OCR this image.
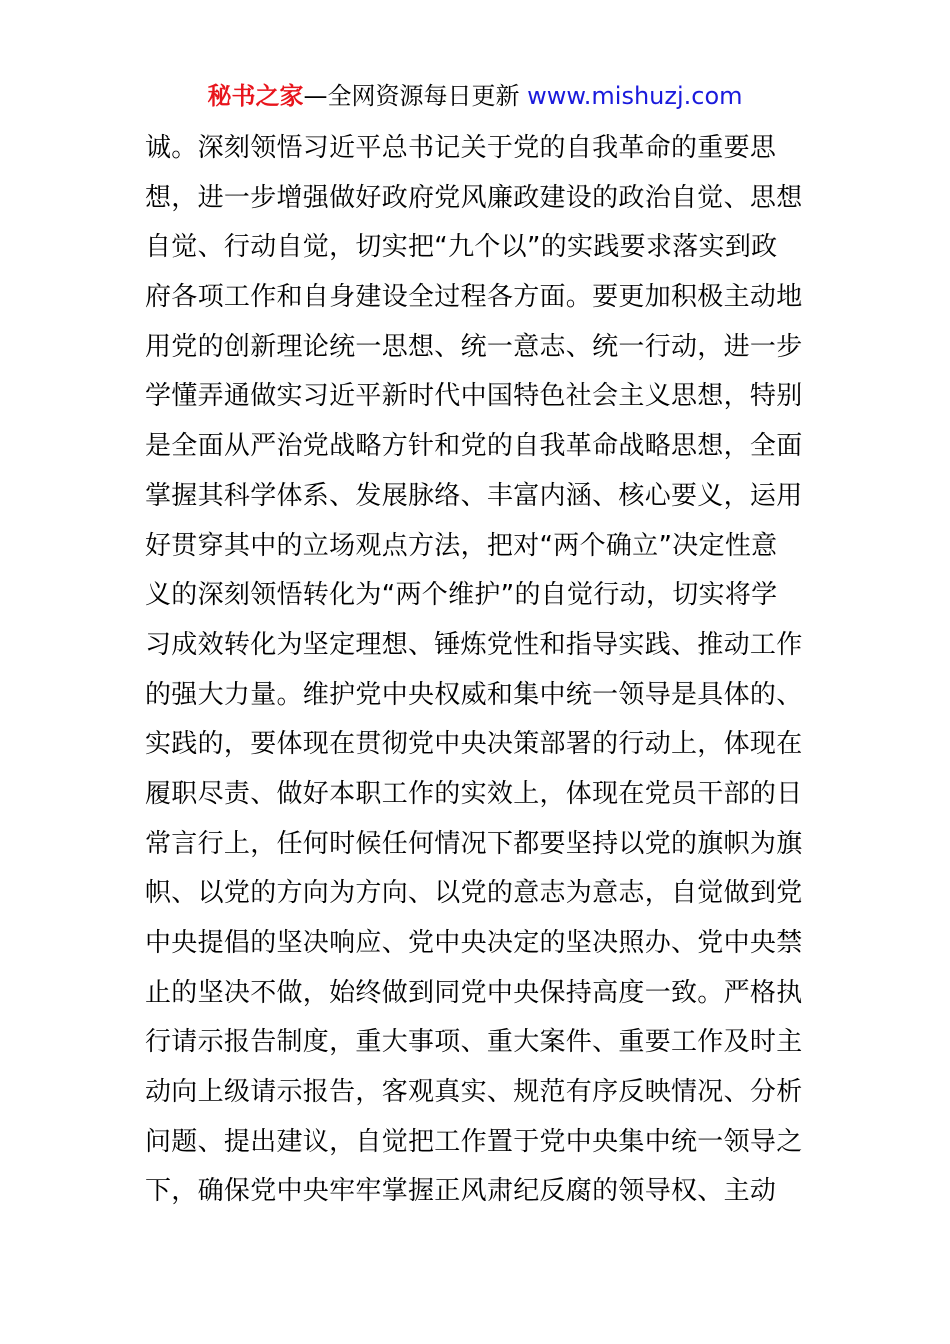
秘书之家—全网资源每日更新 www.mishuzj.com
诚。深刻领悟习近平总书记关于党的自我革命的重要思
想，进一步增强做好政府党风廉政建设的政治自觉、思想
自觉、行动自觉，切实把“九个以”的实践要求落实到政
府各项工作和自身建设全过程各方面。要更加积极主动地
用党的创新理论统一思想、统一意志、统一行动，进一步
学懂弄通做实习近平新时代中国特色社会主义思想，特别
是全面从严治党战略方针和党的自我革命战略思想，全面
掌握其科学体系、发展脉络、丰富内涵、核心要义，运用
好贯穿其中的立场观点方法，把对“两个确立”决定性意
义的深刻领悟转化为“两个维护”的自觉行动，切实将学
习成效转化为坚定理想、锤炼党性和指导实践、推动工作
的强大力量。维护党中央权威和集中统一领导是具体的、
实践的，要体现在贯彻党中央决策部署的行动上，体现在
履职尽责、做好本职工作的实效上，体现在党员干部的日
常言行上，任何时候任何情况下都要坚持以党的旗帜为旗
帜、以党的方向为方向、以党的意志为意志，自觉做到党
中央提倡的坚决响应、党中央决定的坚决照办、党中央禁
止的坚决不做，始终做到同党中央保持高度一致。严格执
行请示报告制度，重大事项、重大案件、重要工作及时主
动向上级请示报告，客观真实、规范有序反映情况、分析
问题、提出建议，自觉把工作置于党中央集中统一领导之
下，确保党中央牢牢掌握正风肃纪反腐的领导权、主动
